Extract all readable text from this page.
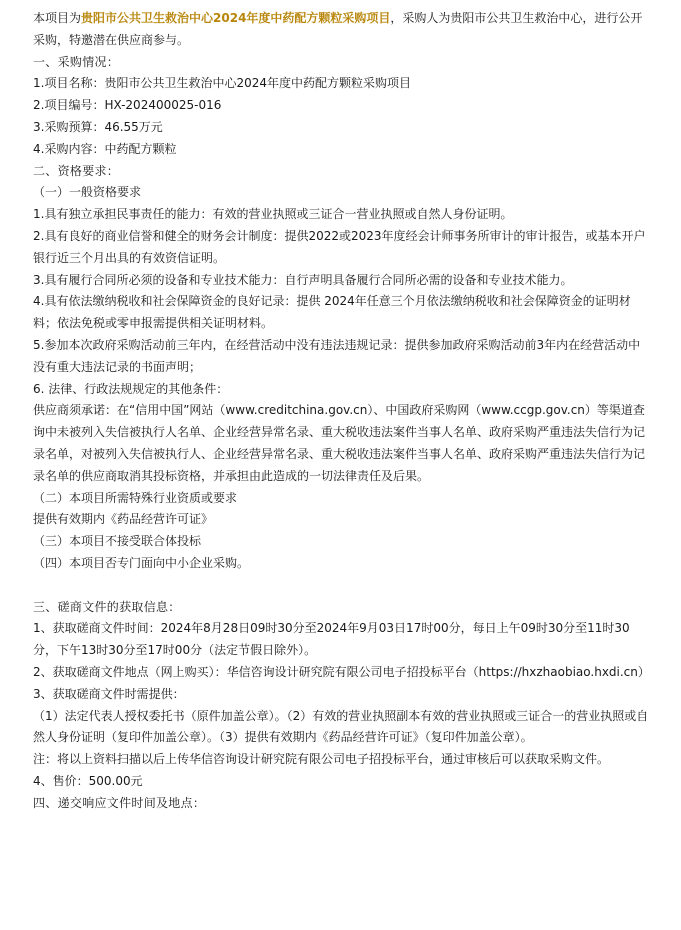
本项目为贵阳市公共卫生救治中心2024年度中药配方颗粒采购项目，采购人为贵阳市公共卫生救治中心，进行公开采购，特邀潜在供应商参与。

一、采购情况：

1.项目名称：贵阳市公共卫生救治中心2024年度中药配方颗粒采购项目

2.项目编号：HX-202400025-016

3.采购预算：46.55万元

4.采购内容：中药配方颗粒

二、资格要求：

（一）一般资格要求

1.具有独立承担民事责任的能力：有效的营业执照或三证合一营业执照或自然人身份证明。

2.具有良好的商业信誉和健全的财务会计制度：提供2022或2023年度经会计师事务所审计的审计报告，或基本开户银行近三个月出具的有效资信证明。

3.具有履行合同所必须的设备和专业技术能力：自行声明具备履行合同所必需的设备和专业技术能力。

4.具有依法缴纳税收和社会保障资金的良好记录：提供 2024年任意三个月依法缴纳税收和社会保障资金的证明材料；依法免税或零申报需提供相关证明材料。

5.参加本次政府采购活动前三年内，在经营活动中没有违法违规记录：提供参加政府采购活动前3年内在经营活动中没有重大违法记录的书面声明；

6. 法律、行政法规规定的其他条件：

供应商须承诺：在“信用中国”网站（www.creditchina.gov.cn）、中国政府采购网（www.ccgp.gov.cn）等渠道查询中未被列入失信被执行人名单、企业经营异常名录、重大税收违法案件当事人名单、政府采购严重违法失信行为记录名单，对被列入失信被执行人、企业经营异常名录、重大税收违法案件当事人名单、政府采购严重违法失信行为记录名单的供应商取消其投标资格，并承担由此造成的一切法律责任及后果。

（二）本项目所需特殊行业资质或要求

提供有效期内《药品经营许可证》

（三）本项目不接受联合体投标

（四）本项目否专门面向中小企业采购。

三、磋商文件的获取信息：

1、获取磋商文件时间：2024年8月28日09时30分至2024年9月03日17时00分，每日上午09时30分至11时30分，下午13时30分至17时00分（法定节假日除外）。

2、获取磋商文件地点（网上购买）：华信咨询设计研究院有限公司电子招投标平台（https://hxzhaobiao.hxdi.cn）

3、获取磋商文件时需提供：

（1）法定代表人授权委托书（原件加盖公章）。（2）有效的营业执照副本有效的营业执照或三证合一的营业执照或自然人身份证明（复印件加盖公章）。（3）提供有效期内《药品经营许可证》（复印件加盖公章）。

注：将以上资料扫描以后上传华信咨询设计研究院有限公司电子招投标平台，通过审核后可以获取采购文件。

4、售价：500.00元

四、递交响应文件时间及地点：
